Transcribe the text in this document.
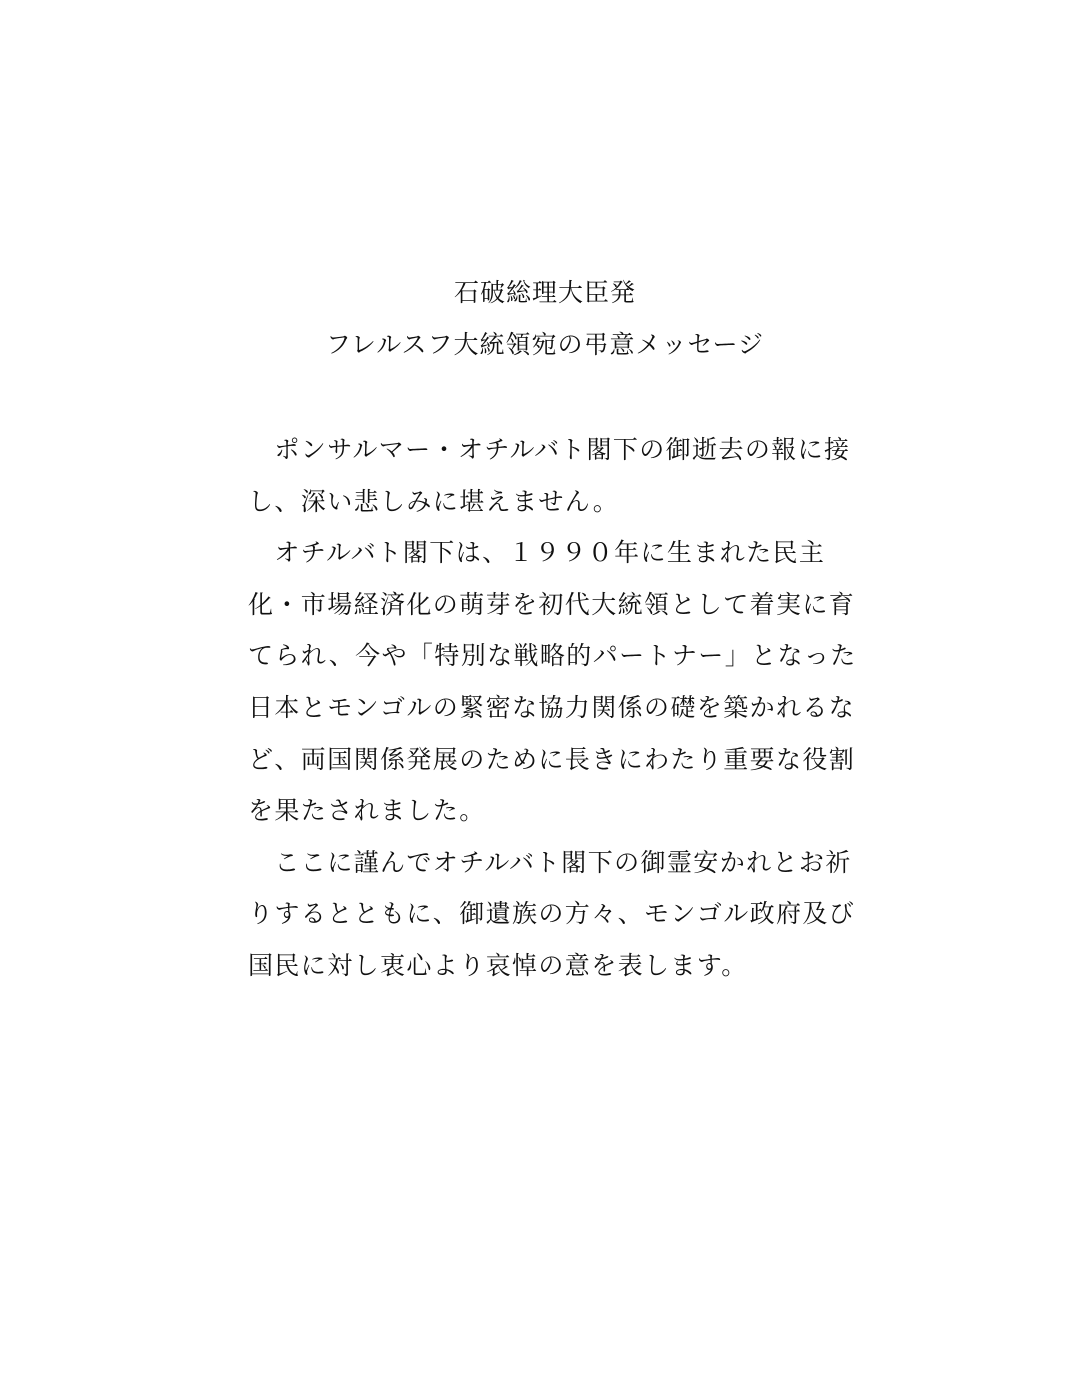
石破総理大臣発
フレルスフ大統領宛の弔意メッセージ
　ポンサルマー・オチルバト閣下の御逝去の報に接
し、深い悲しみに堪えません。
　オチルバト閣下は、１９９０年に生まれた民主
化・市場経済化の萌芽を初代大統領として着実に育
てられ、今や「特別な戦略的パートナー」となった
日本とモンゴルの緊密な協力関係の礎を築かれるな
ど、両国関係発展のために長きにわたり重要な役割
を果たされました。
　ここに謹んでオチルバト閣下の御霊安かれとお祈
りするとともに、御遺族の方々、モンゴル政府及び
国民に対し衷心より哀悼の意を表します。
